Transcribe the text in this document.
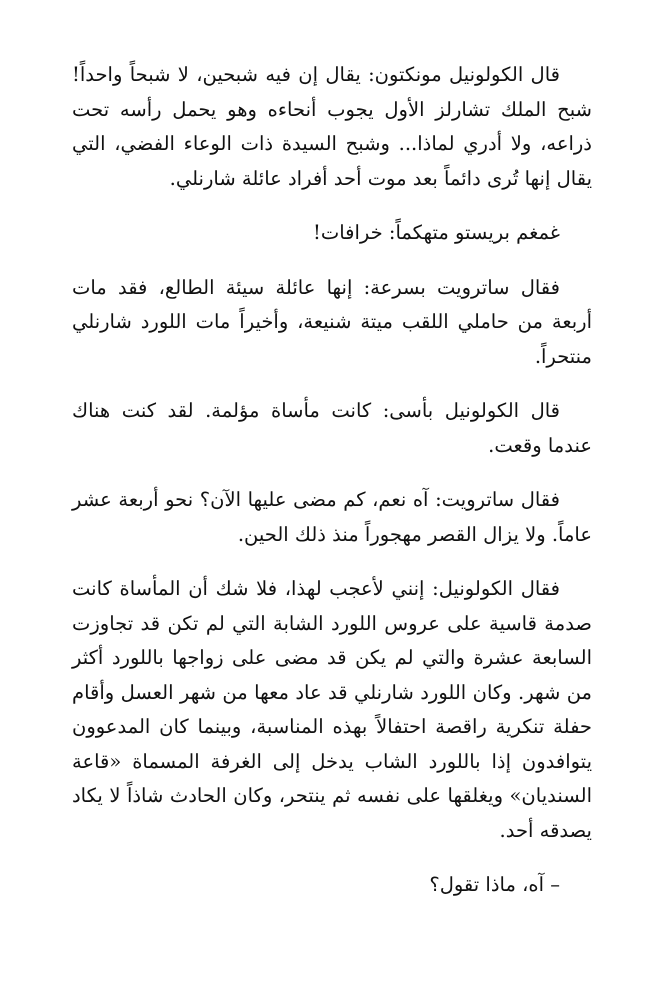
قال الكولونيل مونكتون: يقال إن فيه شبحين، لا شبحاً واحداً! شبح الملك تشارلز الأول يجوب أنحاءه وهو يحمل رأسه تحت ذراعه، ولا أدري لماذا... وشبح السيدة ذات الوعاء الفضي، التي يقال إنها تُرى دائماً بعد موت أحد أفراد عائلة شارنلي.

غمغم بريستو متهكماً: خرافات!

فقال ساترويت بسرعة: إنها عائلة سيئة الطالع، فقد مات أربعة من حاملي اللقب ميتة شنيعة، وأخيراً مات اللورد شارنلي منتحراً.

قال الكولونيل بأسى: كانت مأساة مؤلمة. لقد كنت هناك عندما وقعت.

فقال ساترويت: آه نعم، كم مضى عليها الآن؟ نحو أربعة عشر عاماً. ولا يزال القصر مهجوراً منذ ذلك الحين.

فقال الكولونيل: إنني لأعجب لهذا، فلا شك أن المأساة كانت صدمة قاسية على عروس اللورد الشابة التي لم تكن قد تجاوزت السابعة عشرة والتي لم يكن قد مضى على زواجها باللورد أكثر من شهر. وكان اللورد شارنلي قد عاد معها من شهر العسل وأقام حفلة تنكرية راقصة احتفالاً بهذه المناسبة، وبينما كان المدعوون يتوافدون إذا باللورد الشاب يدخل إلى الغرفة المسماة «قاعة السنديان» ويغلقها على نفسه ثم ينتحر، وكان الحادث شاذاً لا يكاد يصدقه أحد.

– آه، ماذا تقول؟
